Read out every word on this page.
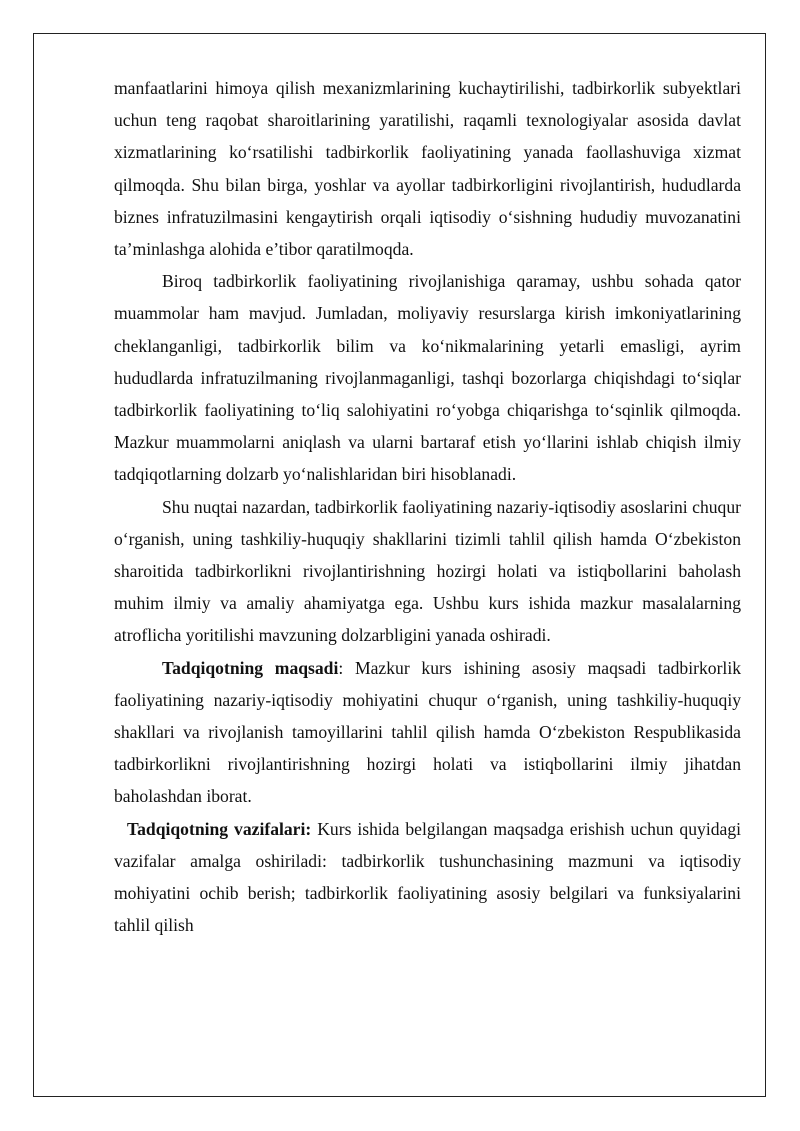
manfaatlarini himoya qilish mexanizmlarining kuchaytirilishi, tadbirkorlik subyektlari uchun teng raqobat sharoitlarining yaratilishi, raqamli texnologiyalar asosida davlat xizmatlarining ko‘rsatilishi tadbirkorlik faoliyatining yanada faollashuviga xizmat qilmoqda. Shu bilan birga, yoshlar va ayollar tadbirkorligini rivojlantirish, hududlarda biznes infratuzilmasini kengaytirish orqali iqtisodiy o‘sishning hududiy muvozanatini ta’minlashga alohida e’tibor qaratilmoqda.

Biroq tadbirkorlik faoliyatining rivojlanishiga qaramay, ushbu sohada qator muammolar ham mavjud. Jumladan, moliyaviy resurslarga kirish imkoniyatlarining cheklanganligi, tadbirkorlik bilim va ko‘nikmalarining yetarli emasligi, ayrim hududlarda infratuzilmaning rivojlanmaganligi, tashqi bozorlarga chiqishdagi to‘siqlar tadbirkorlik faoliyatining to‘liq salohiyatini ro‘yobga chiqarishga to‘sqinlik qilmoqda. Mazkur muammolarni aniqlash va ularni bartaraf etish yo‘llarini ishlab chiqish ilmiy tadqiqotlarning dolzarb yo‘nalishlaridan biri hisoblanadi.

Shu nuqtai nazardan, tadbirkorlik faoliyatining nazariy-iqtisodiy asoslarini chuqur o‘rganish, uning tashkiliy-huquqiy shakllarini tizimli tahlil qilish hamda O‘zbekiston sharoitida tadbirkorlikni rivojlantirishning hozirgi holati va istiqbollarini baholash muhim ilmiy va amaliy ahamiyatga ega. Ushbu kurs ishida mazkur masalalarning atroflicha yoritilishi mavzuning dolzarbligini yanada oshiradi.

Tadqiqotning maqsadi: Mazkur kurs ishining asosiy maqsadi tadbirkorlik faoliyatining nazariy-iqtisodiy mohiyatini chuqur o‘rganish, uning tashkiliy-huquqiy shakllari va rivojlanish tamoyillarini tahlil qilish hamda O‘zbekiston Respublikasida tadbirkorlikni rivojlantirishning hozirgi holati va istiqbollarini ilmiy jihatdan baholashdan iborat.

Tadqiqotning vazifalari: Kurs ishida belgilangan maqsadga erishish uchun quyidagi vazifalar amalga oshiriladi: tadbirkorlik tushunchasining mazmuni va iqtisodiy mohiyatini ochib berish; tadbirkorlik faoliyatining asosiy belgilari va funksiyalarini tahlil qilish
